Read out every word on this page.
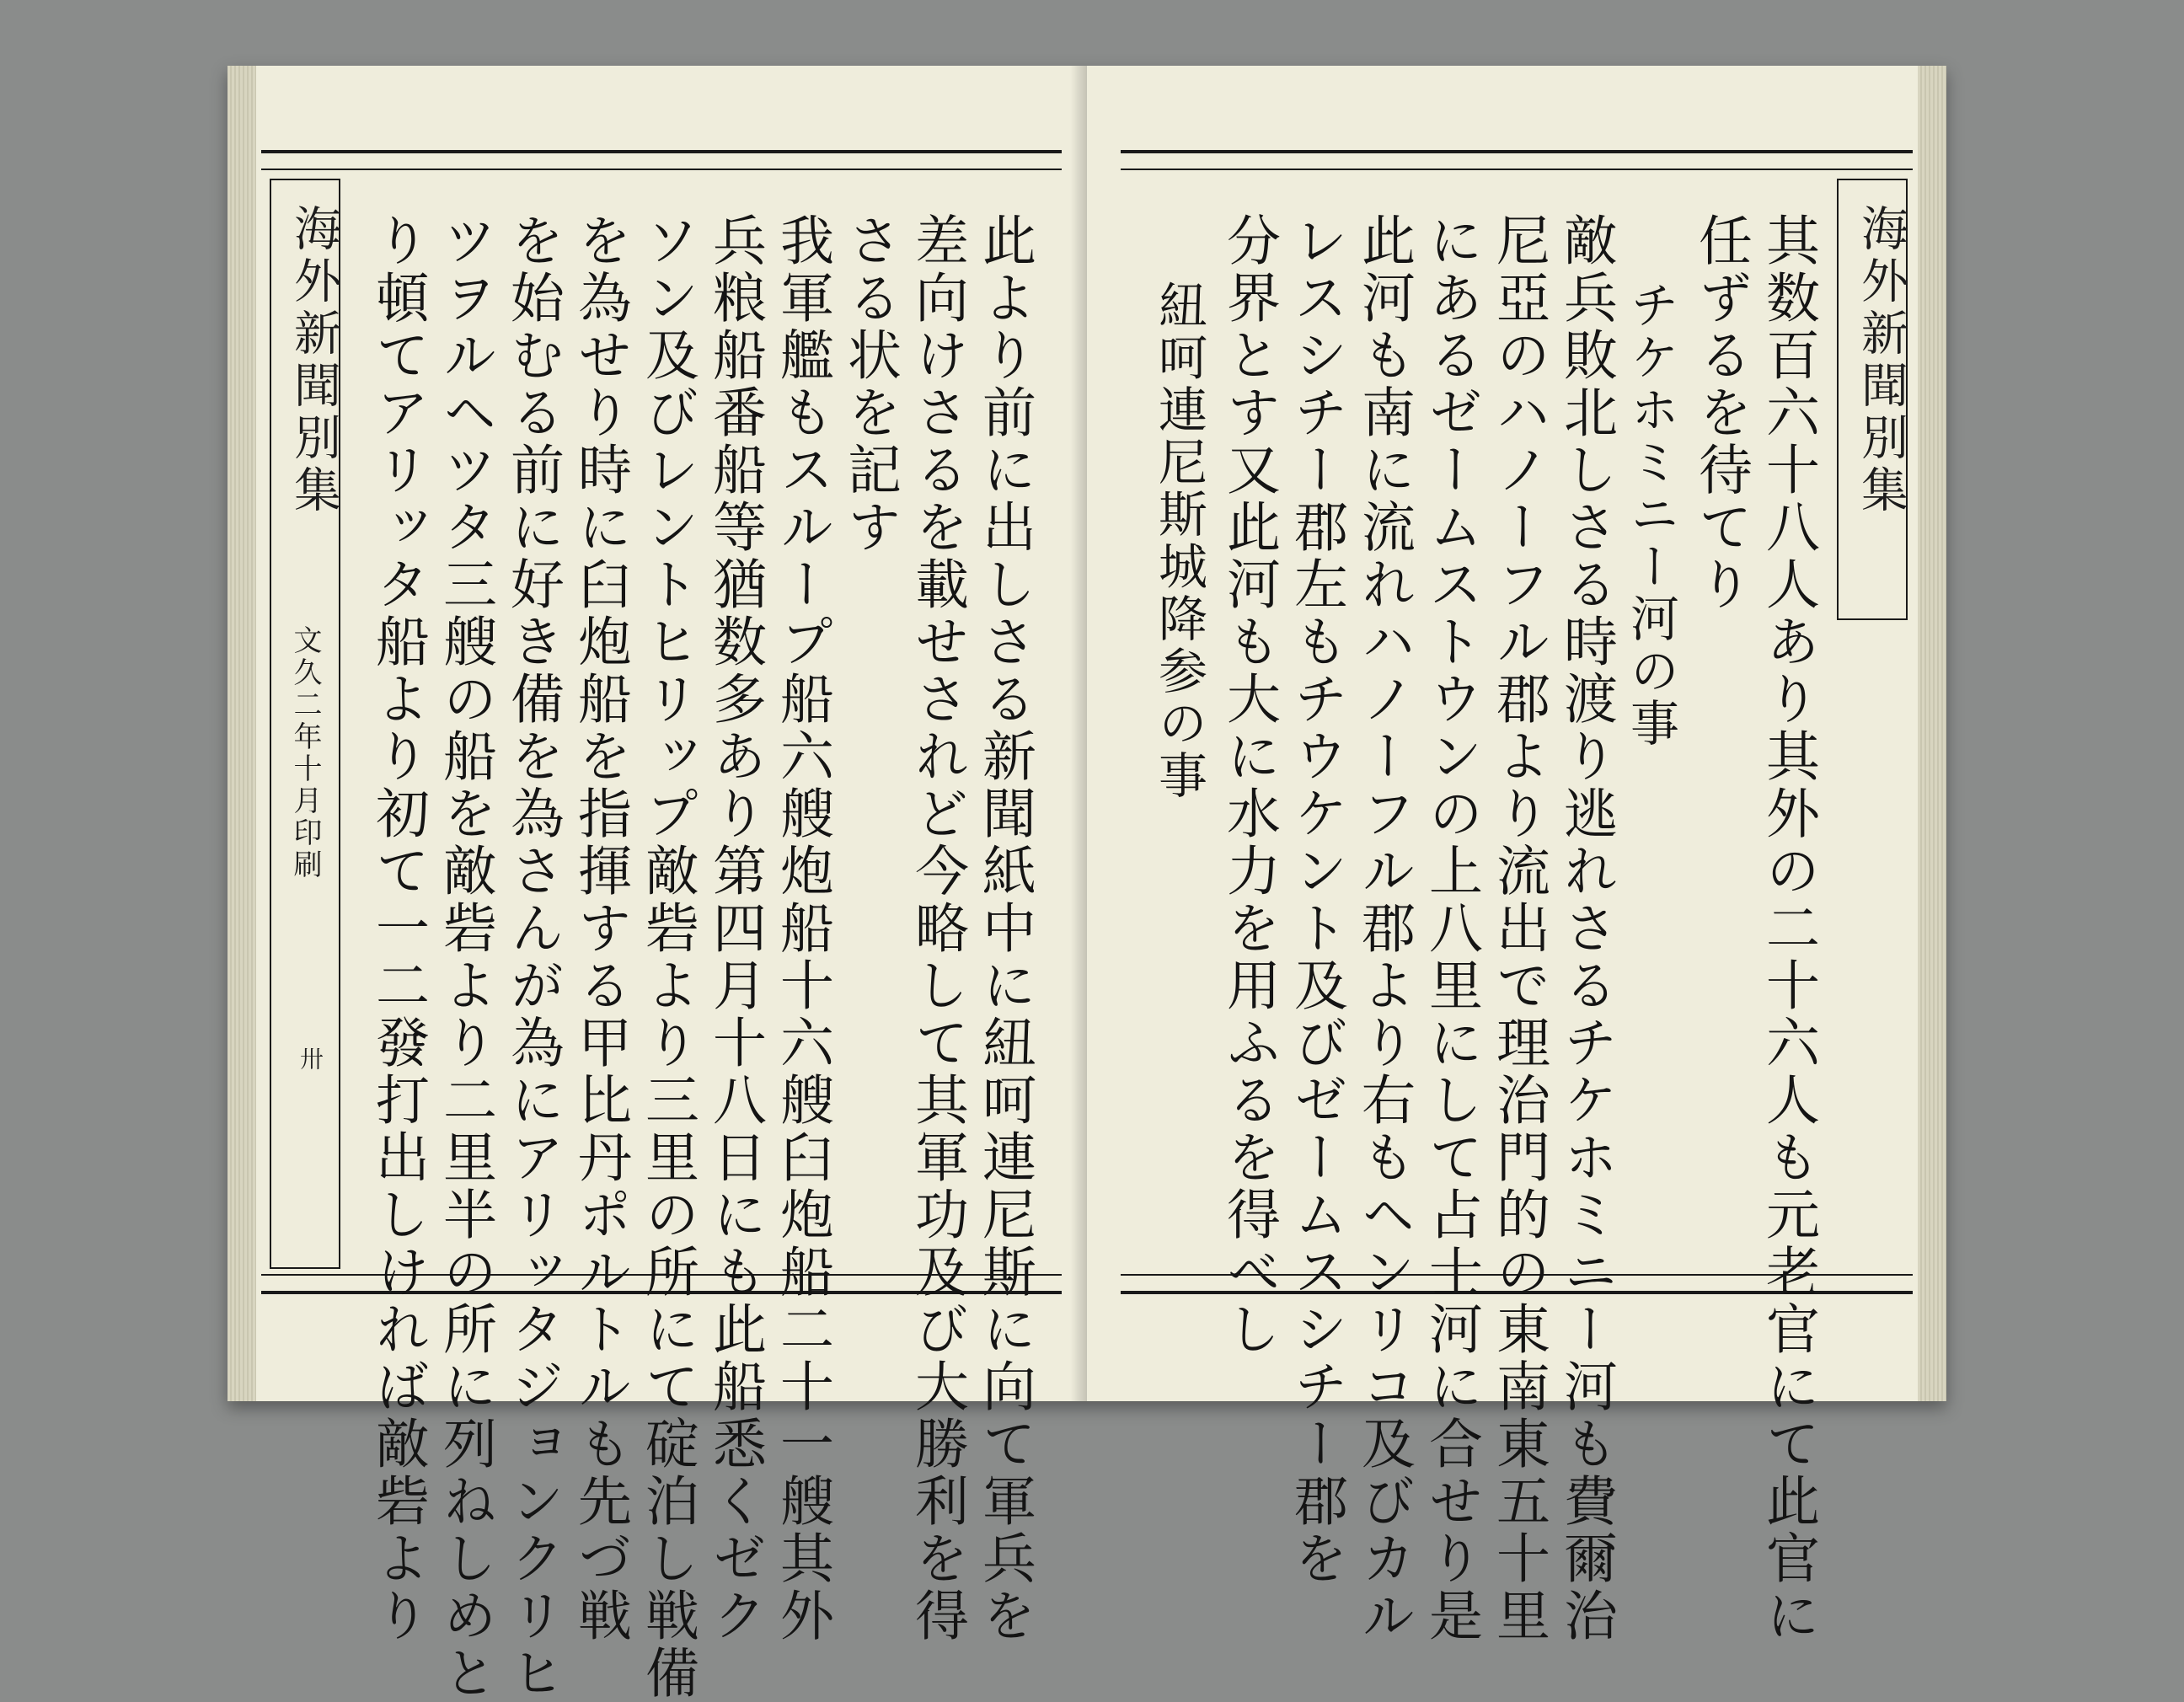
海外新聞別集
文久二年十月印刷
卅	此より前に出しさる新聞紙中に紐呵連尼斯に向て軍兵を
差向けさるを載せされど今略して其軍功及び大勝利を得
さる状を記す
我軍艦もスループ船六艘炮船十六艘臼炮船二十一艘其外
兵粮船番船等猶数多あり第四月十八日にも此船悉くゼク
ソン及びレントヒリップ敵砦より三里の所にて碇泊し戦備
を為せり時に臼炮船を指揮する甲比丹ポルトルも先づ戦
を始むる前に好き備を為さんが為にアリッタジョンクリヒ
ツヲルヘツタ三艘の船を敵砦より二里半の所に列ねしめと
り頓てアリッタ船より初て一二發打出しければ敵砦より	海外新聞別集
其数百六十八人あり其外の二十六人も元老官にて此官に
任ずるを待てり
チケホミニー河の事
敵兵敗北しさる時渡り逃れさるチケホミニー河も費爾治
尼亞のハノーフル郡より流出で理治門的の東南東五十里
にあるゼームストウンの上八里にして占士河に合せり是
此河も南に流れハノーフル郡より右もヘンリコ及びカル
レスシチー郡左もチウケント及びゼームスシチー郡を
分界とす又此河も大に水力を用ふるを得べし
紐呵連尼斯城降参の事
